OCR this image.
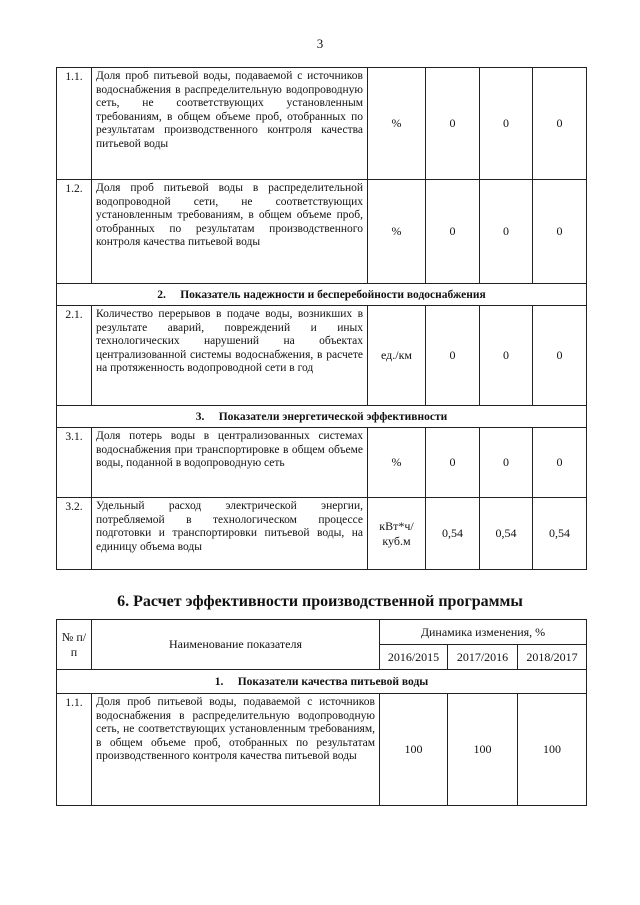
3
1.1.	Доля проб питьевой воды, подаваемой с источников водоснабжения в распределительную водопроводную сеть, не соответствующих установленным требованиям, в общем объеме проб, отобранных по результатам производственного контроля качества питьевой воды	%	0	0	0
1.2.	Доля проб питьевой воды в распределительной водопроводной сети, не соответствующих установленным требованиям, в общем объеме проб, отобранных по результатам производственного контроля качества питьевой воды	%	0	0	0
2.     Показатель надежности и бесперебойности водоснабжения					
2.1.	Количество перерывов в подаче воды, возникших в результате аварий, повреждений и иных технологических нарушений на объектах централизованной системы водоснабжения, в расчете на протяженность водопроводной сети в год	ед./км	0	0	0
3.     Показатели энергетической эффективности					
3.1.	Доля потерь воды в централизованных системах водоснабжения при транспортировке в общем объеме воды, поданной в водопроводную сеть	%	0	0	0
3.2.	Удельный расход электрической энергии, потребляемой в технологическом процессе подготовки и транспортировки питьевой воды, на единицу объема воды	кВт*ч/ куб.м	0,54	0,54	0,54
6. Расчет эффективности производственной программы
№ п/п	Наименование показателя	Динамика изменения, %		
		2016/2015	2017/2016	2018/2017
1.     Показатели качества питьевой воды				
1.1.	Доля проб питьевой воды, подаваемой с источников водоснабжения в распределительную водопроводную сеть, не соответствующих установленным требованиям, в общем объеме проб, отобранных по результатам производственного контроля качества питьевой воды	100	100	100
